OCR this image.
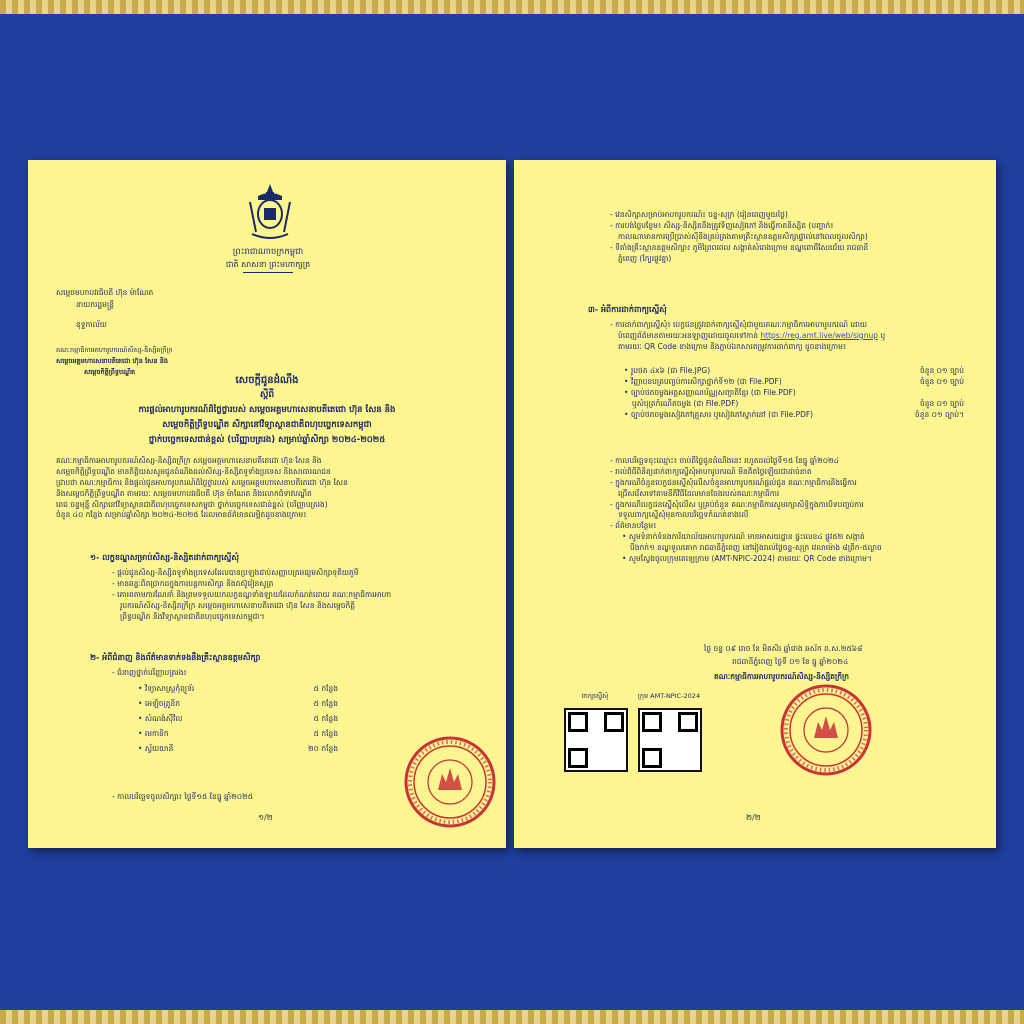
ព្រះរាជាណាចក្រកម្ពុជា
ជាតិ សាសនា ព្រះមហាក្សត្រ
សម្តេចមហាបវរធិបតី ហ៊ុន ម៉ាណែត
នាយករដ្ឋមន្ត្រី
ខុទ្ទកាល័យ
គណៈកម្មាធិការអាហារូបករណ៍សិស្ស-និស្សិតក្រីក្រ
សម្តេចអគ្គមហាសេនាបតីតេជោ ហ៊ុន សែន និង
សម្តេចកិត្តិព្រឹទ្ធបណ្ឌិត
សេចក្តីជូនដំណឹង
ស្តីពី
ការផ្តល់អាហារូបករណ៍ដ៏ថ្លៃថ្លារបស់ សម្តេចអគ្គមហាសេនាបតីតេជោ ហ៊ុន សែន និង
សម្តេចកិត្តិព្រឹទ្ធបណ្ឌិត សិក្សានៅវិទ្យាស្ថានជាតិពហុបច្ចេកទេសកម្ពុជា
ថ្នាក់បច្ចេកទេសជាន់ខ្ពស់ (បរិញ្ញាបត្ររង) សម្រាប់ឆ្នាំសិក្សា ២០២៤-២០២៥
គណៈកម្មាធិការអាហារូបករណ៍សិស្ស-និស្សិតក្រីក្រ សម្តេចអគ្គមហាសេនាបតីតេជោ ហ៊ុន សែន និង
សម្តេចកិត្តិព្រឹទ្ធបណ្ឌិត មានកិត្តិយសសូមជូនដំណឹងដល់សិស្ស-និស្សិតទូទាំងប្រទេស និងសាធារណជន
ជ្រាបថា គណៈកម្មាធិការ និងផ្តល់ជូនអាហារូបករណ៍ដ៏ថ្លៃថ្លារបស់ សម្តេចអគ្គមហាសេនាបតីតេជោ ហ៊ុន សែន
និងសម្តេចកិត្តិព្រឹទ្ធបណ្ឌិត តាមរយៈ សម្តេចមហាបវរធិបតី ហ៊ុន ម៉ាណែត និងលោកជំទាវបណ្ឌិត
ពេជ ចន្ទមុន្នី សិក្សានៅវិទ្យាស្ថានជាតិពហុបច្ចេកទេសកម្ពុជា ថ្នាក់បច្ចេកទេសជាន់ខ្ពស់ (បរិញ្ញាបត្ររង)
ចំនួន ៤០ កន្លែង សម្រាប់ឆ្នាំសិក្សា ២០២៤-២០២៥ ដែលមានព័ត៌មានលម្អិតដូចខាងក្រោម៖
១- លក្ខខណ្ឌសម្រាប់សិស្ស-និស្សិតដាក់ពាក្យស្នើសុំ
- ផ្តល់ជូនសិស្ស-និស្សិតទូទាំងប្រទេសដែលបានប្រឡងជាប់សញ្ញាបត្រមធ្យមសិក្សាទុតិយភូមិ
- មានឆន្ទៈពិតប្រាកដក្នុងការបន្តការសិក្សា និងតស៊ូរៀនសូត្រ
- គោរពតាមការណែនាំ និងព្រមទទួលយកលក្ខខណ្ឌទាំងឡាយដែលកំណត់ដោយ គណៈកម្មាធិការអាហា
រូបករណ៍សិស្ស-និស្សិតក្រីក្រ សម្តេចអគ្គមហាសេនាបតីតេជោ ហ៊ុន សែន និងសម្តេចកិត្តិ
ព្រឹទ្ធបណ្ឌិត និងវិទ្យាស្ថានជាតិពហុបច្ចេកទេសកម្ពុជា។
២- អំពីជំនាញ និងព័ត៌មានទាក់ទងនឹងគ្រឹះស្ថានឧត្តមសិក្សា
- ជំនាញថ្នាក់បរិញ្ញាបត្ររង៖
• វិទ្យាសាស្ត្រកុំព្យូទ័រ	៥ កន្លែង
• អេឡិចត្រូនិក	៥ កន្លែង
• សំណង់ស៊ីវិល	៥ កន្លែង
• មេកានិក	៥ កន្លែង
• ស្វ័យយានី	២០ កន្លែង
- កាលបរិច្ឆេទចូលសិក្សា៖ ថ្ងៃទី១៥ ខែធ្នូ ឆ្នាំ២០២៥
១/២
- វេនសិក្សាសម្រាប់អាហារូបករណ៍៖ ចន្ទ-សុក្រ (រៀនពេញមួយថ្ងៃ)
- ការបង់ថ្លៃបន្ថែម៖ សិស្ស-និស្សិតនឹងត្រូវទិញសៀវភៅ និងធ្វើកាតនិស្សិត (បញ្ហាក់៖
កាលណាមានការប្រើប្រាស់ស៊ីនឹងគ្រប់គ្រងតាមគ្រឹះស្ថានឧត្តមសិក្សាផ្ទាល់នៅពេលចូលសិក្សា)
- ទីតាំងគ្រឹះស្ថានឧត្តមសិក្សា៖ ភូមិព្រៃពពេល សង្កាត់សំរោងក្រោម ខណ្ឌពោធិ៍សែនជ័យ រាជធានី
ភ្នំពេញ (ក្បែរផ្លូវគ្នា)
៣- អំពីការដាក់ពាក្យស្នើសុំ
- ការដាក់ពាក្យស្នើសុំ៖ បេក្ខជនត្រូវដាក់ពាក្យស្នើសុំជាមួយគណៈកម្មាធិការអាហារូបករណ៍ ដោយ
បំពេញព័ត៌មានតាមរយៈអនឡាញដោយចូលទៅកាន់ https://reg.amt.live/web/signup ឬ
តាមរយៈ QR Code ខាងក្រោម និងភ្ជាប់ឯកសារតម្រូវការដាក់ពាក្យ ដូចខាងក្រោម៖
• រូបថត ៤x៦ (ជា File.JPG)	ចំនួន ០១ ច្បាប់
• វិញ្ញាបនបត្របញ្ចប់ការសិក្សាថ្នាក់ទី១២ (ជា File.PDF)	ចំនួន ០១ ច្បាប់
• ច្បាប់ថតចម្លងអត្តសញ្ញាណប័ណ្ណសញ្ជាតិខ្មែរ (ជា File.PDF)
ឬសំបុត្រកំណើតចម្លង (ជា File.PDF)	ចំនួន ០១ ច្បាប់
• ច្បាប់ថតចម្លងសៀវភៅគ្រួសារ ឬសៀវភៅស្នាក់នៅ (ជា File.PDF)	ចំនួន ០១ ច្បាប់។
- កាលបរិច្ឆេទចុះឈ្មោះ៖ ចាប់ពីថ្ងៃជូនដំណឹងនេះ រហូតដល់ថ្ងៃទី១៥ ខែធ្នូ ឆ្នាំ២០២៤
- រាល់ពិធីពិនិត្យដាក់ពាក្យស្នើសុំអាហារូបករណ៍ មិនគិតថ្លៃឡើយជាដាច់ខាត
- ក្នុងករណីចំនួនបេក្ខជនស្នើសុំលើសចំនួនអាហារូបករណ៍ផ្តល់ជូន គណៈកម្មាធិការនឹងធ្វើការ
ជ្រើសរើសទៅតាមនីតិវិធីដែលមានចែងរបស់គណៈកម្មាធិការ
- ក្នុងករណីបេក្ខជនស្នើសុំលើស ឬគ្រប់ចំនួន គណៈកម្មាធិការសូមរក្សាសិទ្ធិក្នុងការបិទបញ្ចប់ការ
ទទួលពាក្យស្នើសុំមុនកាលបរិច្ឆេទកំណត់ខាងលើ
- ព័ត៌មានបន្ថែម៖
• សូមទំនាក់ទំនងការិយាល័យអាហារូបករណ៍ មានអាសយដ្ឋាន ផ្ទះលេខ៤ ផ្លូវ៥២ សង្កាត់
បឹងកក់១ ខណ្ឌទួលគោក រាជធានីភ្នំពេញ នៅរៀងរាល់ថ្ងៃចន្ទ-សុក្រ វេលាម៉ោង ៨ព្រឹក-៥ល្ងាច
• សូមស្វែងចូលក្រុមតេឡេក្រាម (AMT-NPIC-2024) តាមរយៈ QR Code ខាងក្រោម។
ថ្ងៃ ចន្ទ ០៩ រោច ខែ មិគសិរ ឆ្នាំរោង ឆស័ក ព.ស.២៥៦៨
រាជធានីភ្នំពេញ ថ្ងៃទី ០១ ខែ ធ្នូ ឆ្នាំ២០២៤
គណៈកម្មាធិការអាហារូបករណ៍សិស្ស-និស្សិតក្រីក្រ
ពាក្យស្នើសុំ	ក្រុម AMT-NPIC-2024
២/២
